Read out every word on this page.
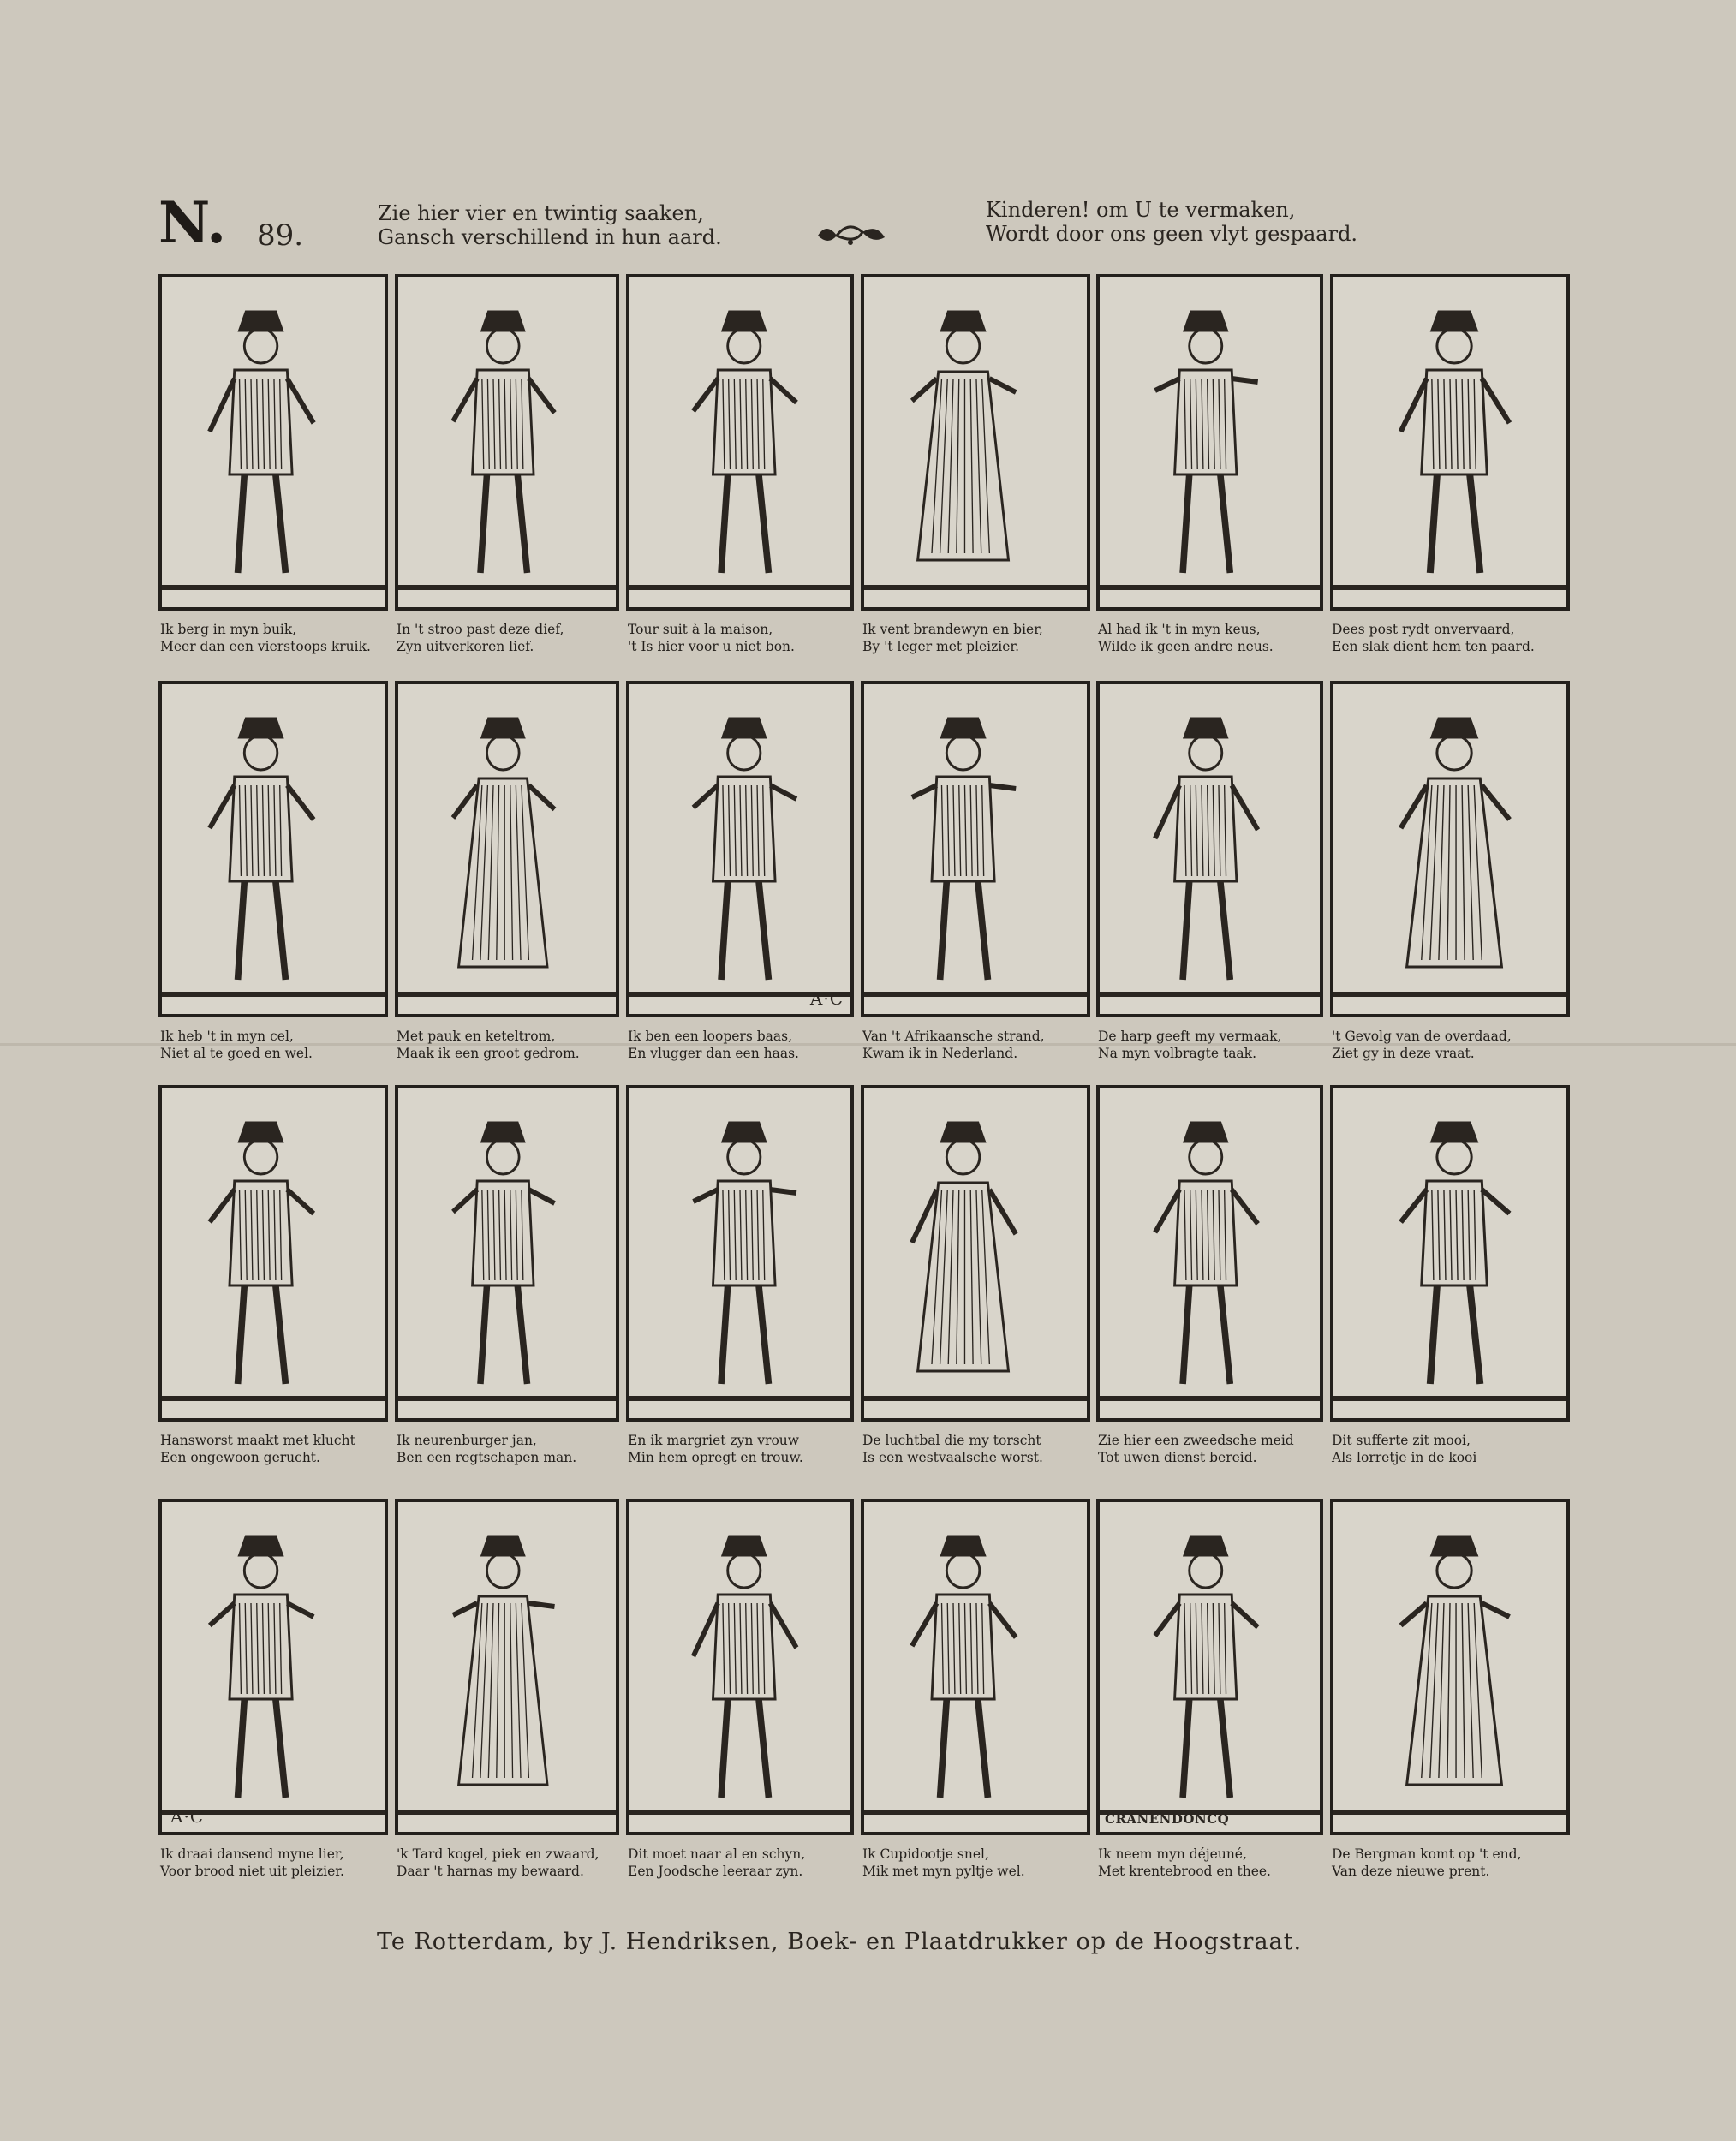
N. 89.
Zie hier vier en twintig saaken,
Gansch verschillend in hun aard.
Kinderen! om U te vermaken,
Wordt door ons geen vlyt gespaard.
Ik berg in myn buik,
Meer dan een vierstoops kruik.
In 't stroo past deze dief,
Zyn uitverkoren lief.
Tour suit à la maison,
't Is hier voor u niet bon.
Ik vent brandewyn en bier,
By 't leger met pleizier.
Al had ik 't in myn keus,
Wilde ik geen andre neus.
Dees post rydt onvervaard,
Een slak dient hem ten paard.
Ik heb 't in myn cel,
Niet al te goed en wel.
Met pauk en keteltrom,
Maak ik een groot gedrom.
A·C
Ik ben een loopers baas,
En vlugger dan een haas.
Van 't Afrikaansche strand,
Kwam ik in Nederland.
De harp geeft my vermaak,
Na myn volbragte taak.
't Gevolg van de overdaad,
Ziet gy in deze vraat.
Hansworst maakt met klucht
Een ongewoon gerucht.
Ik neurenburger jan,
Ben een regtschapen man.
En ik margriet zyn vrouw
Min hem opregt en trouw.
De luchtbal die my torscht
Is een westvaalsche worst.
Zie hier een zweedsche meid
Tot uwen dienst bereid.
Dit sufferte zit mooi,
Als lorretje in de kooi
A·C
Ik draai dansend myne lier,
Voor brood niet uit pleizier.
'k Tard kogel, piek en zwaard,
Daar 't harnas my bewaard.
Dit moet naar al en schyn,
Een Joodsche leeraar zyn.
Ik Cupidootje snel,
Mik met myn pyltje wel.
CRANENDONCQ
Ik neem myn déjeuné,
Met krentebrood en thee.
De Bergman komt op 't end,
Van deze nieuwe prent.
Te Rotterdam, by J. Hendriksen, Boek- en Plaatdrukker op de Hoogstraat.
